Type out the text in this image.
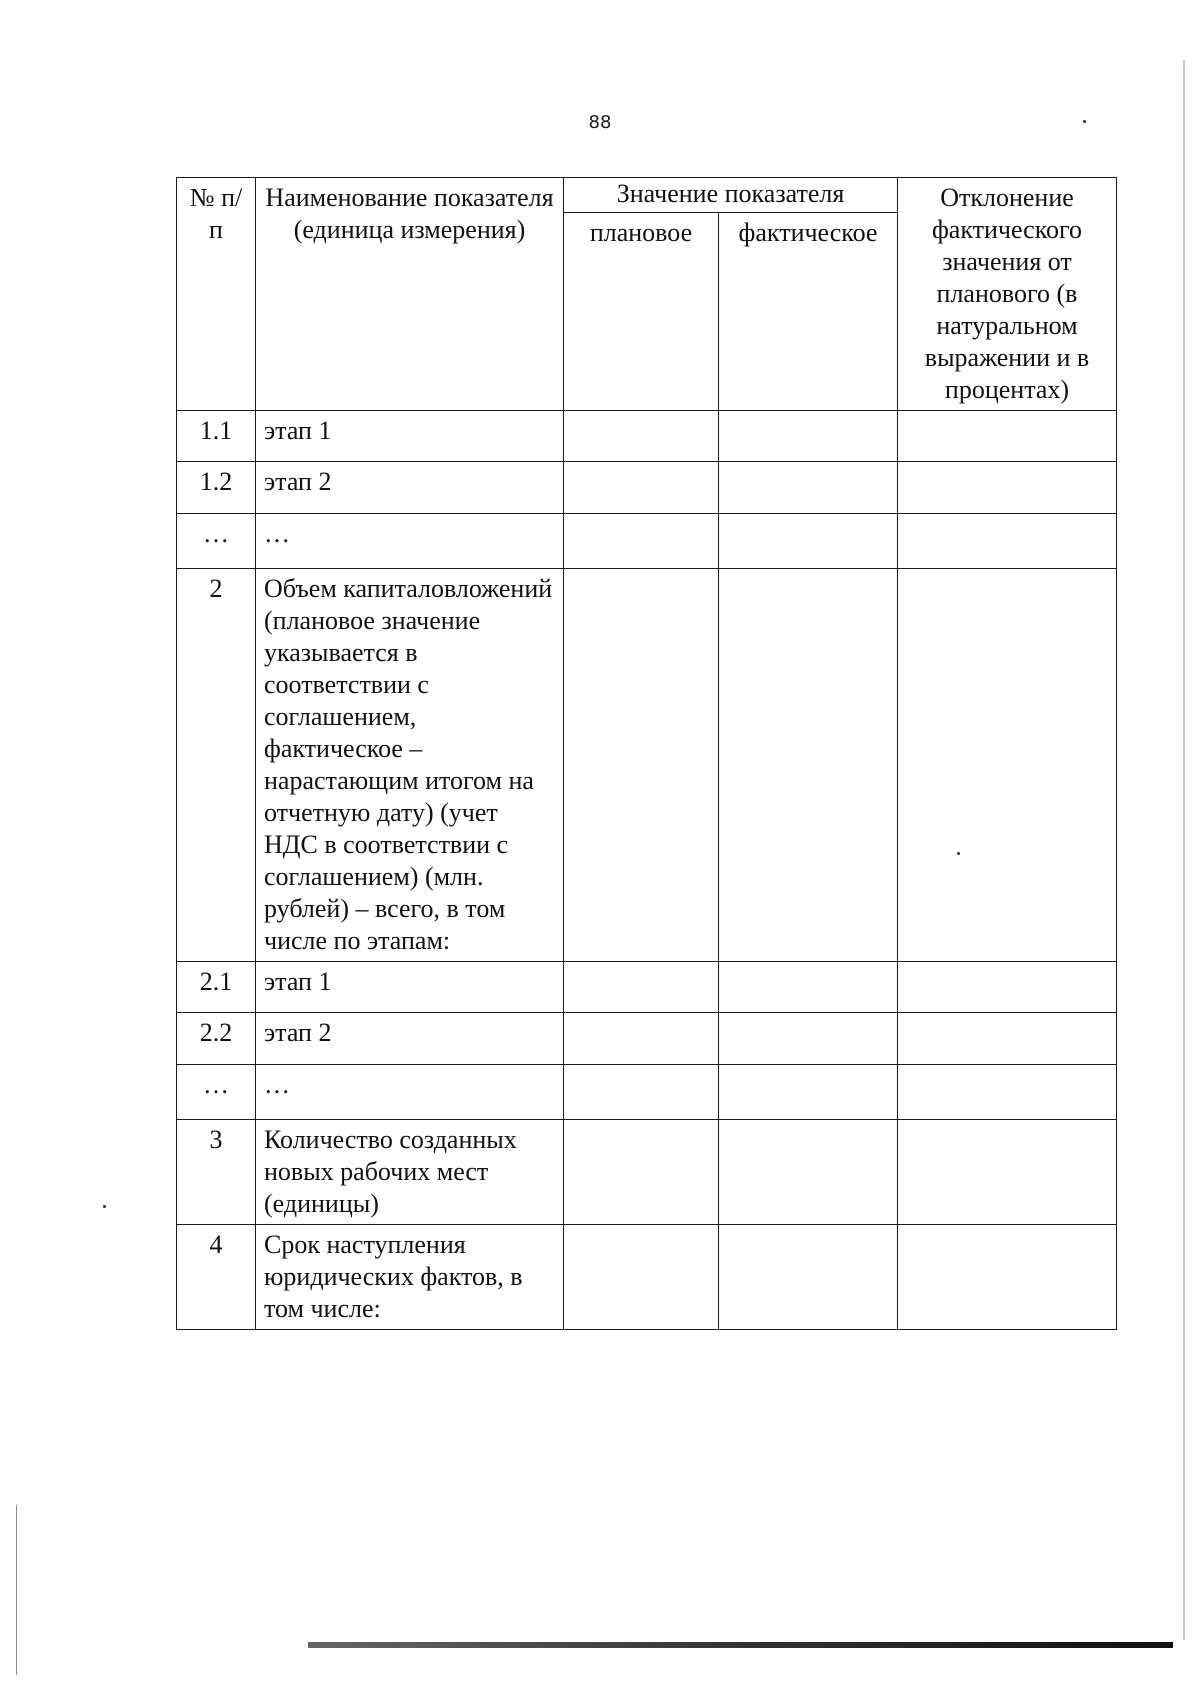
88
№ п/п	Наименование показателя (единица измерения)	Значение показателя		Отклонение фактического значения от планового (в натуральном выражении и в процентах)
		плановое	фактическое	
1.1	этап 1			
1.2	этап 2			
…	…			
2	Объем капиталовложений (плановое значение указывается в соответствии с соглашением, фактическое – нарастающим итогом на отчетную дату) (учет НДС в соответствии с соглашением) (млн. рублей) – всего, в том числе по этапам:			
2.1	этап 1			
2.2	этап 2			
…	…			
3	Количество созданных новых рабочих мест (единицы)			
4	Срок наступления юридических фактов, в том числе:			
